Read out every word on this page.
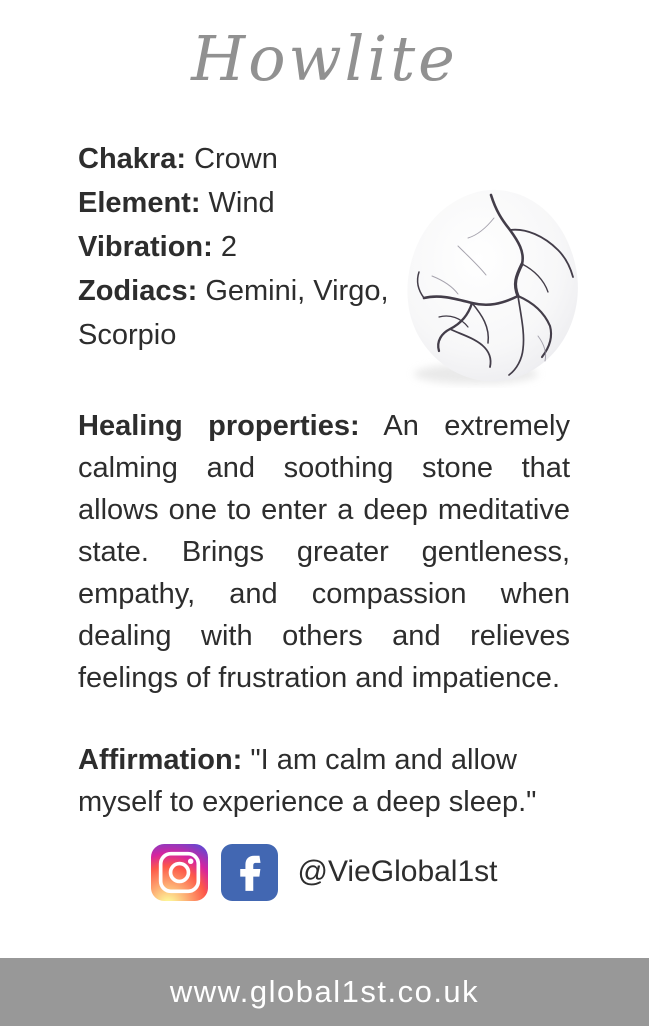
Howlite

Chakra: Crown

Element: Wind

Vibration: 2

Zodiacs: Gemini, Virgo, Scorpio

Healing properties: An extremely calming and soothing stone that allows one to enter a deep meditative state. Brings greater gentleness, empathy, and compassion when dealing with others and relieves feelings of frustration and impatience.

Affirmation: "I am calm and allow myself to experience a deep sleep."

@VieGlobal1st
www.global1st.co.uk
